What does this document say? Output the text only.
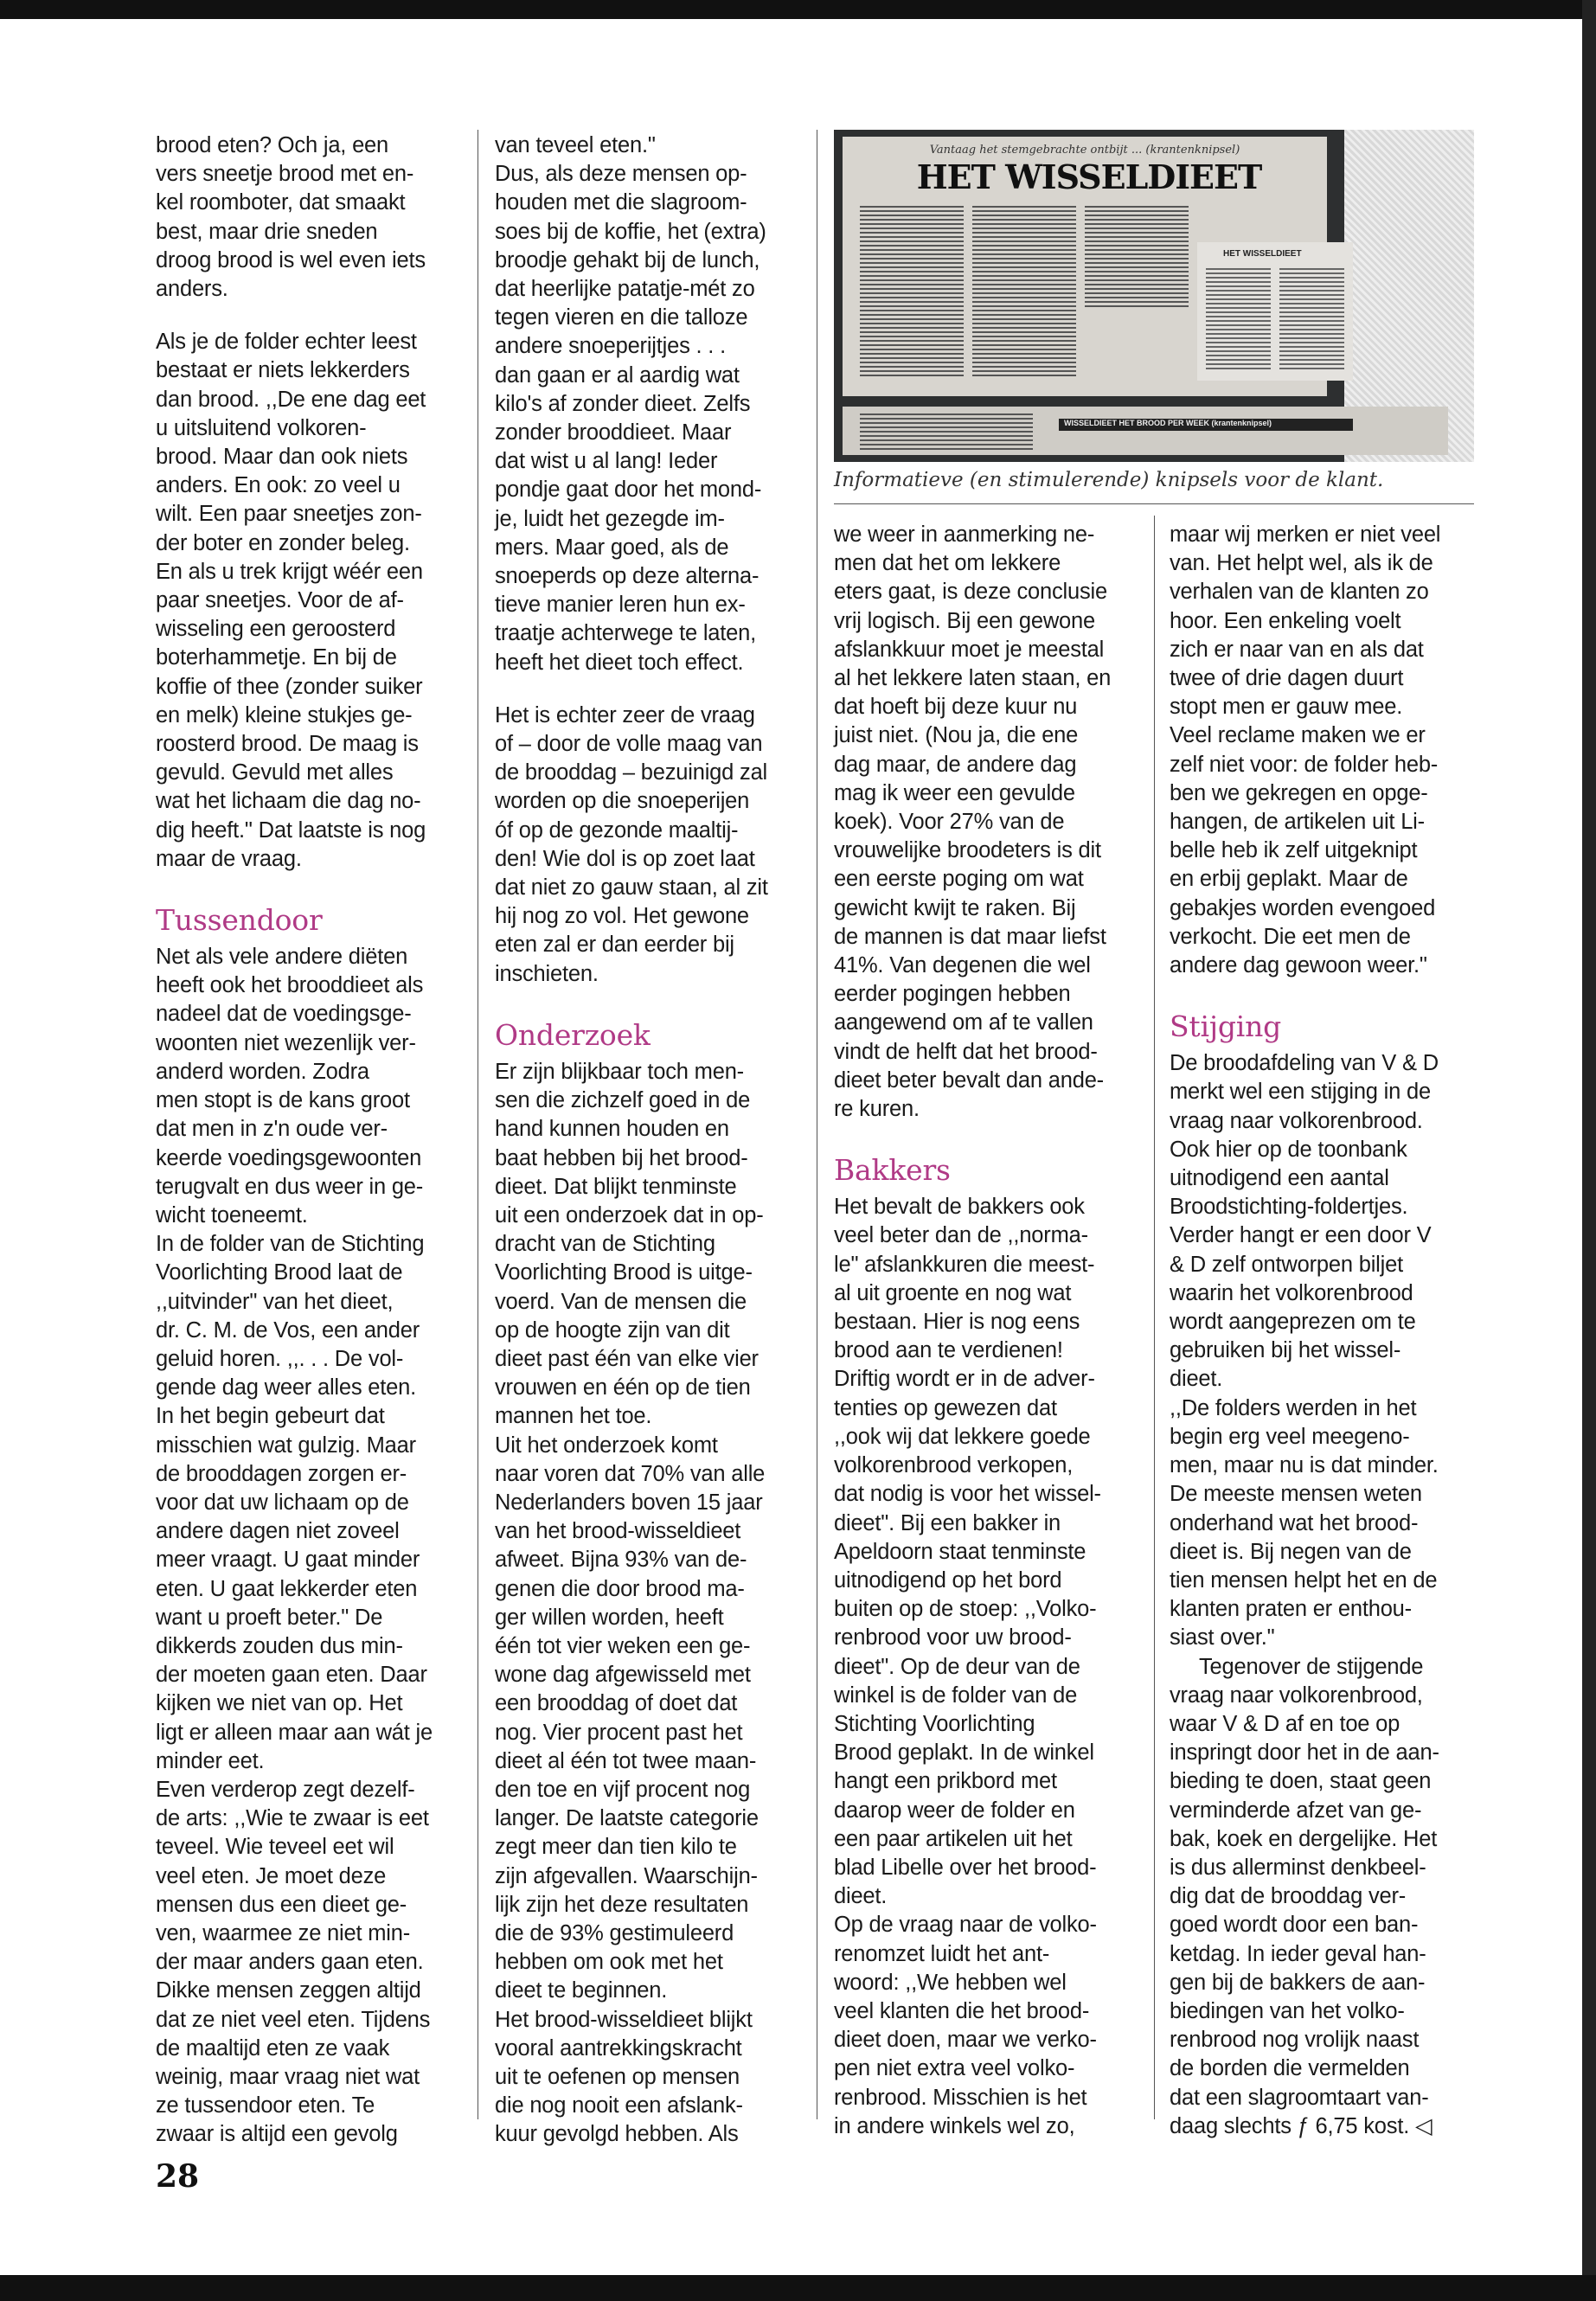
brood eten? Och ja, een
vers sneetje brood met en-
kel roomboter, dat smaakt
best, maar drie sneden
droog brood is wel even iets
anders.

Als je de folder echter leest
bestaat er niets lekkerders
dan brood. ,,De ene dag eet
u uitsluitend volkoren-
brood. Maar dan ook niets
anders. En ook: zo veel u
wilt. Een paar sneetjes zon-
der boter en zonder beleg.
En als u trek krijgt wéér een
paar sneetjes. Voor de af-
wisseling een geroosterd
boterhammetje. En bij de
koffie of thee (zonder suiker
en melk) kleine stukjes ge-
roosterd brood. De maag is
gevuld. Gevuld met alles
wat het lichaam die dag no-
dig heeft." Dat laatste is nog
maar de vraag.

Tussendoor

Net als vele andere diëten
heeft ook het brooddieet als
nadeel dat de voedingsge-
woonten niet wezenlijk ver-
anderd worden. Zodra
men stopt is de kans groot
dat men in z'n oude ver-
keerde voedingsgewoonten
terugvalt en dus weer in ge-
wicht toeneemt.

In de folder van de Stichting
Voorlichting Brood laat de
,,uitvinder" van het dieet,
dr. C. M. de Vos, een ander
geluid horen. ,,. . . De vol-
gende dag weer alles eten.
In het begin gebeurt dat
misschien wat gulzig. Maar
de brooddagen zorgen er-
voor dat uw lichaam op de
andere dagen niet zoveel
meer vraagt. U gaat minder
eten. U gaat lekkerder eten
want u proeft beter." De
dikkerds zouden dus min-
der moeten gaan eten. Daar
kijken we niet van op. Het
ligt er alleen maar aan wát je
minder eet.

Even verderop zegt dezelf-
de arts: ,,Wie te zwaar is eet
teveel. Wie teveel eet wil
veel eten. Je moet deze
mensen dus een dieet ge-
ven, waarmee ze niet min-
der maar anders gaan eten.
Dikke mensen zeggen altijd
dat ze niet veel eten. Tijdens
de maaltijd eten ze vaak
weinig, maar vraag niet wat
ze tussendoor eten. Te
zwaar is altijd een gevolg

van teveel eten."
Dus, als deze mensen op-
houden met die slagroom-
soes bij de koffie, het (extra)
broodje gehakt bij de lunch,
dat heerlijke patatje-mét zo
tegen vieren en die talloze
andere snoeperijtjes . . .
dan gaan er al aardig wat
kilo's af zonder dieet. Zelfs
zonder brooddieet. Maar
dat wist u al lang! Ieder
pondje gaat door het mond-
je, luidt het gezegde im-
mers. Maar goed, als de
snoeperds op deze alterna-
tieve manier leren hun ex-
traatje achterwege te laten,
heeft het dieet toch effect.

Het is echter zeer de vraag
of – door de volle maag van
de brooddag – bezuinigd zal
worden op die snoeperijen
óf op de gezonde maaltij-
den! Wie dol is op zoet laat
dat niet zo gauw staan, al zit
hij nog zo vol. Het gewone
eten zal er dan eerder bij
inschieten.

Onderzoek

Er zijn blijkbaar toch men-
sen die zichzelf goed in de
hand kunnen houden en
baat hebben bij het brood-
dieet. Dat blijkt tenminste
uit een onderzoek dat in op-
dracht van de Stichting
Voorlichting Brood is uitge-
voerd. Van de mensen die
op de hoogte zijn van dit
dieet past één van elke vier
vrouwen en één op de tien
mannen het toe.

Uit het onderzoek komt
naar voren dat 70% van alle
Nederlanders boven 15 jaar
van het brood-wisseldieet
afweet. Bijna 93% van de-
genen die door brood ma-
ger willen worden, heeft
één tot vier weken een ge-
wone dag afgewisseld met
een brooddag of doet dat
nog. Vier procent past het
dieet al één tot twee maan-
den toe en vijf procent nog
langer. De laatste categorie
zegt meer dan tien kilo te
zijn afgevallen. Waarschijn-
lijk zijn het deze resultaten
die de 93% gestimuleerd
hebben om ook met het
dieet te beginnen.

Het brood-wisseldieet blijkt
vooral aantrekkingskracht
uit te oefenen op mensen
die nog nooit een afslank-
kuur gevolgd hebben. Als

Vantaag het stemgebrachte ontbijt ... (krantenknipsel)
HET WISSELDIEET
HET WISSELDIEET
WISSELDIEET HET BROOD PER WEEK (krantenknipsel)
Informatieve (en stimulerende) knipsels voor de klant.

we weer in aanmerking ne-
men dat het om lekkere
eters gaat, is deze conclusie
vrij logisch. Bij een gewone
afslankkuur moet je meestal
al het lekkere laten staan, en
dat hoeft bij deze kuur nu
juist niet. (Nou ja, die ene
dag maar, de andere dag
mag ik weer een gevulde
koek). Voor 27% van de
vrouwelijke broodeters is dit
een eerste poging om wat
gewicht kwijt te raken. Bij
de mannen is dat maar liefst
41%. Van degenen die wel
eerder pogingen hebben
aangewend om af te vallen
vindt de helft dat het brood-
dieet beter bevalt dan ande-
re kuren.

Bakkers

Het bevalt de bakkers ook
veel beter dan de ,,norma-
le" afslankkuren die meest-
al uit groente en nog wat
bestaan. Hier is nog eens
brood aan te verdienen!
Driftig wordt er in de adver-
tenties op gewezen dat
,,ook wij dat lekkere goede
volkorenbrood verkopen,
dat nodig is voor het wissel-
dieet". Bij een bakker in
Apeldoorn staat tenminste
uitnodigend op het bord
buiten op de stoep: ,,Volko-
renbrood voor uw brood-
dieet". Op de deur van de
winkel is de folder van de
Stichting Voorlichting
Brood geplakt. In de winkel
hangt een prikbord met
daarop weer de folder en
een paar artikelen uit het
blad Libelle over het brood-
dieet.

Op de vraag naar de volko-
renomzet luidt het ant-
woord: ,,We hebben wel
veel klanten die het brood-
dieet doen, maar we verko-
pen niet extra veel volko-
renbrood. Misschien is het
in andere winkels wel zo,

maar wij merken er niet veel
van. Het helpt wel, als ik de
verhalen van de klanten zo
hoor. Een enkeling voelt
zich er naar van en als dat
twee of drie dagen duurt
stopt men er gauw mee.
Veel reclame maken we er
zelf niet voor: de folder heb-
ben we gekregen en opge-
hangen, de artikelen uit Li-
belle heb ik zelf uitgeknipt
en erbij geplakt. Maar de
gebakjes worden evengoed
verkocht. Die eet men de
andere dag gewoon weer."

Stijging

De broodafdeling van V & D
merkt wel een stijging in de
vraag naar volkorenbrood.
Ook hier op de toonbank
uitnodigend een aantal
Broodstichting-foldertjes.
Verder hangt er een door V
& D zelf ontworpen biljet
waarin het volkorenbrood
wordt aangeprezen om te
gebruiken bij het wissel-
dieet.

,,De folders werden in het
begin erg veel meegeno-
men, maar nu is dat minder.
De meeste mensen weten
onderhand wat het brood-
dieet is. Bij negen van de
tien mensen helpt het en de
klanten praten er enthou-
siast over."

Tegenover de stijgende
vraag naar volkorenbrood,
waar V & D af en toe op
inspringt door het in de aan-
bieding te doen, staat geen
verminderde afzet van ge-
bak, koek en dergelijke. Het
is dus allerminst denkbeel-
dig dat de brooddag ver-
goed wordt door een ban-
ketdag. In ieder geval han-
gen bij de bakkers de aan-
biedingen van het volko-
renbrood nog vrolijk naast
de borden die vermelden
dat een slagroomtaart van-
daag slechts ƒ 6,75 kost. ◁

28
